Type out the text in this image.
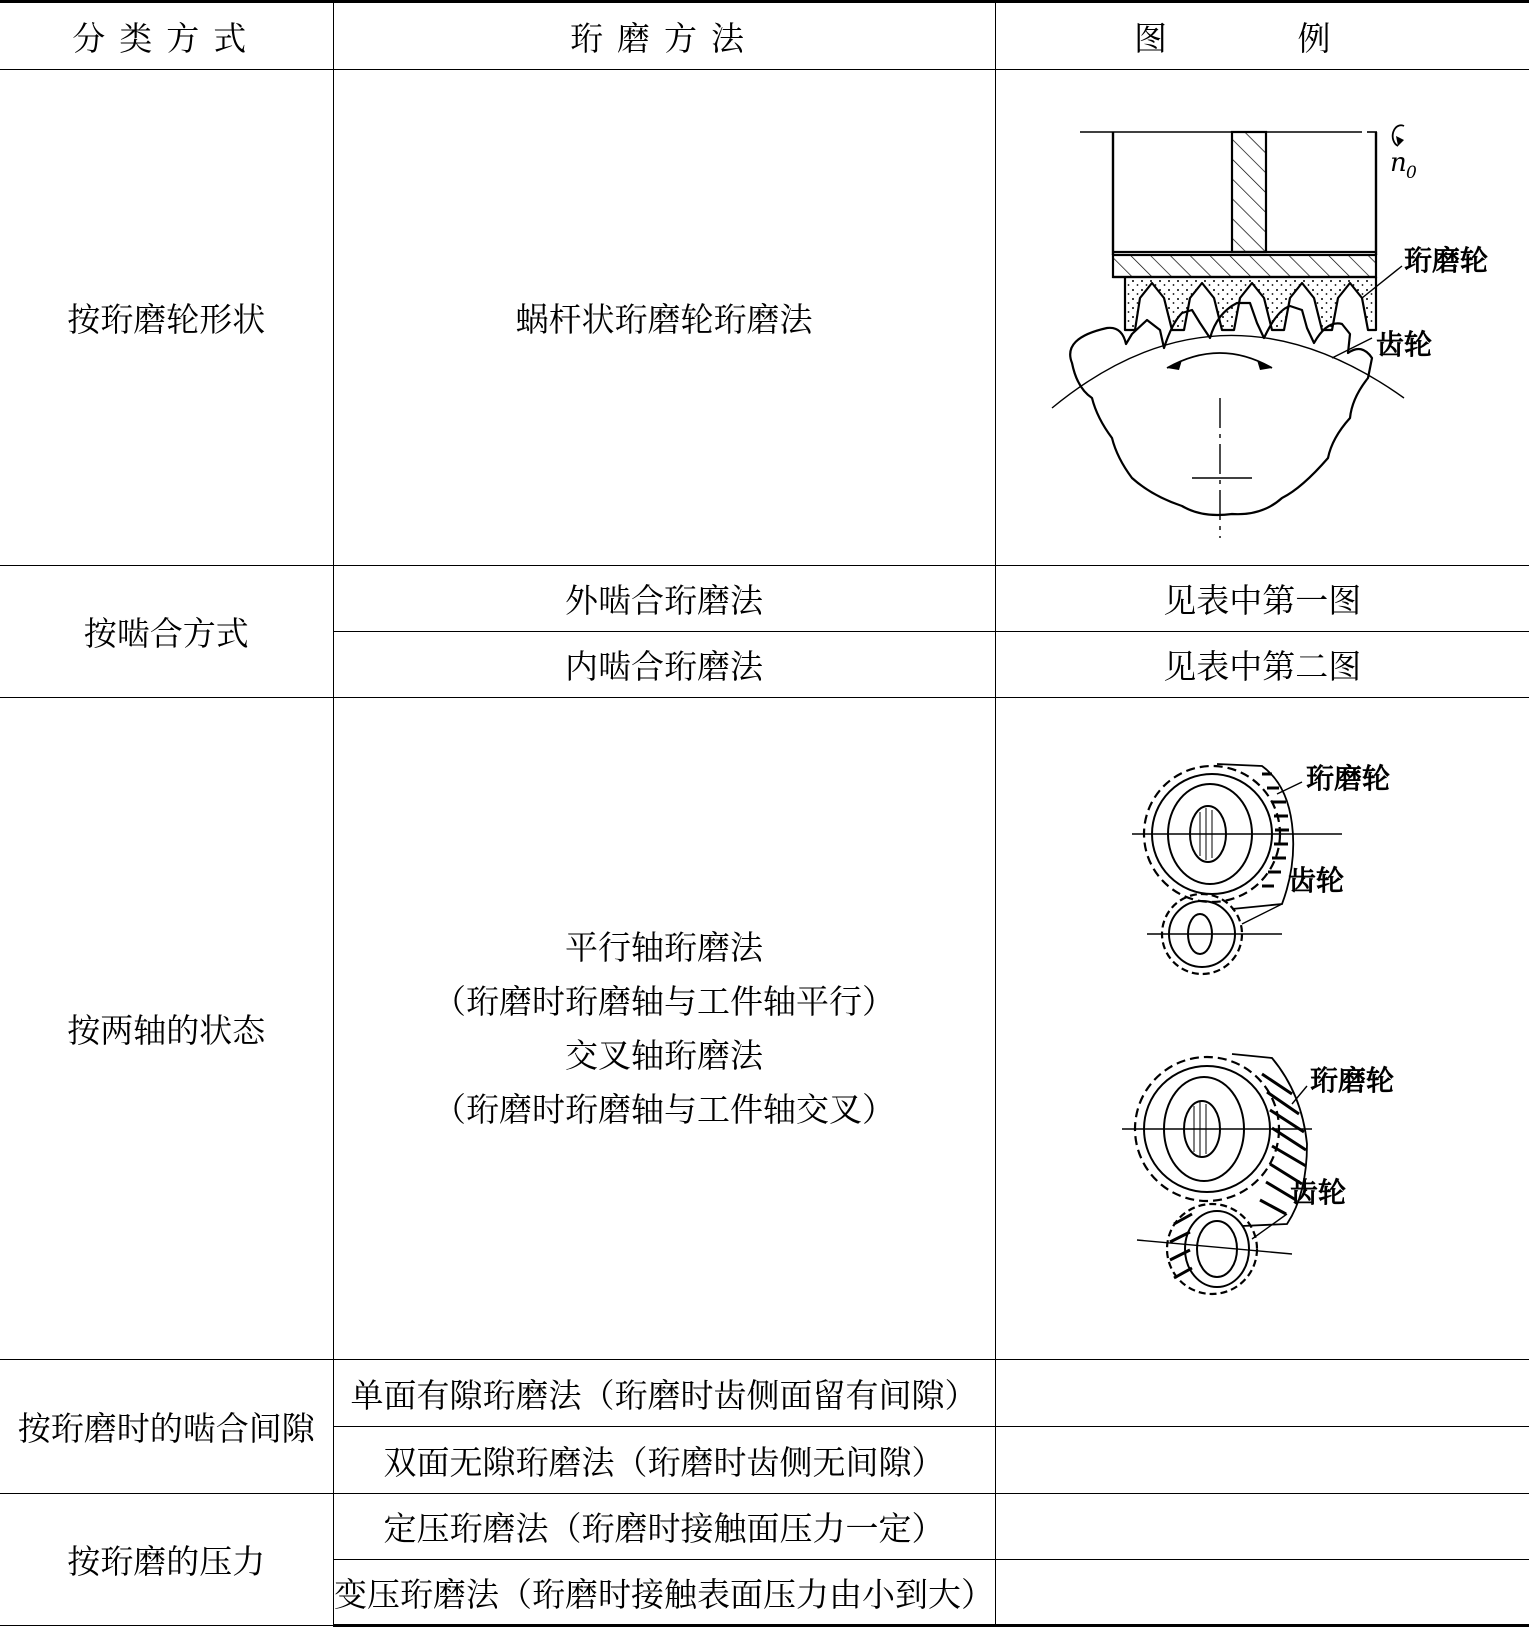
分类方式	珩磨方法	图 例
按珩磨轮形状	蜗杆状珩磨轮珩磨法	n 0
珩磨轮
齿轮

按啮合方式	外啮合珩磨法	见表中第一图
	内啮合珩磨法	见表中第二图
按两轴的状态	平行轴珩磨法
（珩磨时珩磨轴与工件轴平行）
交叉轴珩磨法
（珩磨时珩磨轴与工件轴交叉）	珩磨轮
齿轮
珩磨轮
齿轮

按珩磨时的啮合间隙	单面有隙珩磨法（珩磨时齿侧面留有间隙）	
	双面无隙珩磨法（珩磨时齿侧无间隙）	
按珩磨的压力	定压珩磨法（珩磨时接触面压力一定）	
	变压珩磨法（珩磨时接触表面压力由小到大）	
